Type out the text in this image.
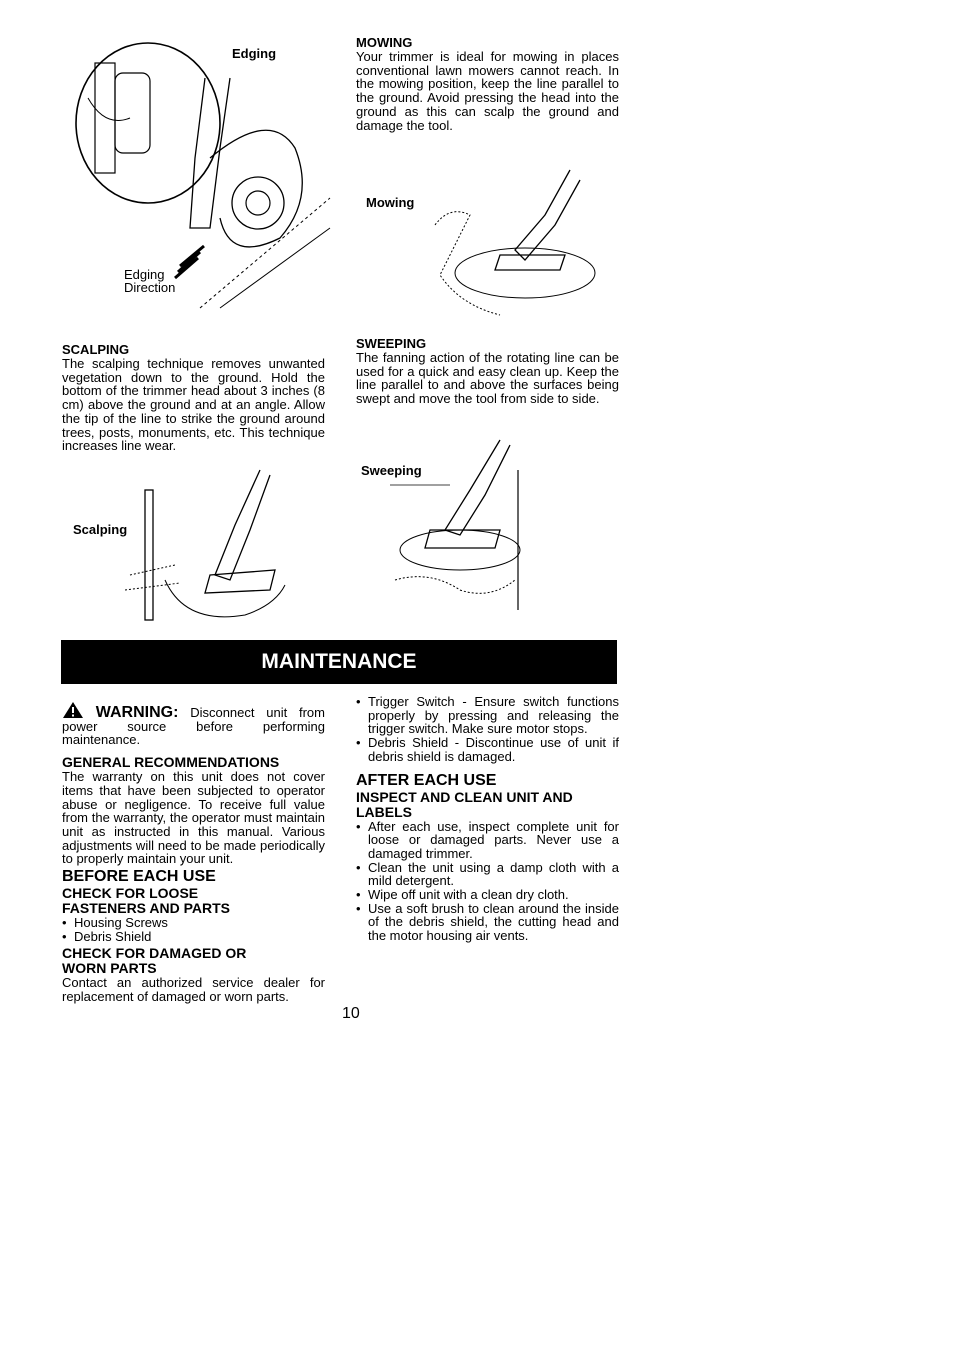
Edging
Edging
Direction
MOWING
Your trimmer is ideal for mowing in places conventional lawn mowers cannot reach. In the mowing position, keep the line parallel to the ground. Avoid pressing the head into the ground as this can scalp the ground and damage the tool.
Mowing
SCALPING
The scalping technique removes unwanted vegetation down to the ground. Hold the bottom of the trimmer head about 3 inches (8 cm) above the ground and at an angle. Allow the tip of the line to strike the ground around trees, posts, monuments, etc. This technique increases line wear.
SWEEPING
The fanning action of the rotating line can be used for a quick and easy clean up. Keep the line parallel to and above the surfaces being swept and move the tool from side to side.
Scalping
Sweeping
MAINTENANCE
WARNING: Disconnect unit from power source before performing maintenance.
GENERAL RECOMMENDATIONS
The warranty on this unit does not cover items that have been subjected to operator abuse or negligence. To receive full value from the warranty, the operator must maintain unit as instructed in this manual. Various adjustments will need to be made periodically to properly maintain your unit.
BEFORE EACH USE
CHECK FOR LOOSE FASTENERS AND PARTS
• Housing Screws
• Debris Shield
CHECK FOR DAMAGED OR WORN PARTS
Contact an authorized service dealer for replacement of damaged or worn parts.
• Trigger Switch - Ensure switch functions properly by pressing and releasing the trigger switch. Make sure motor stops.
• Debris Shield - Discontinue use of unit if debris shield is damaged.
AFTER EACH USE
INSPECT AND CLEAN UNIT AND LABELS
• After each use, inspect complete unit for loose or damaged parts. Never use a damaged trimmer.
• Clean the unit using a damp cloth with a mild detergent.
• Wipe off unit with a clean dry cloth.
• Use a soft brush to clean around the inside of the debris shield, the cutting head and the motor housing air vents.
10
